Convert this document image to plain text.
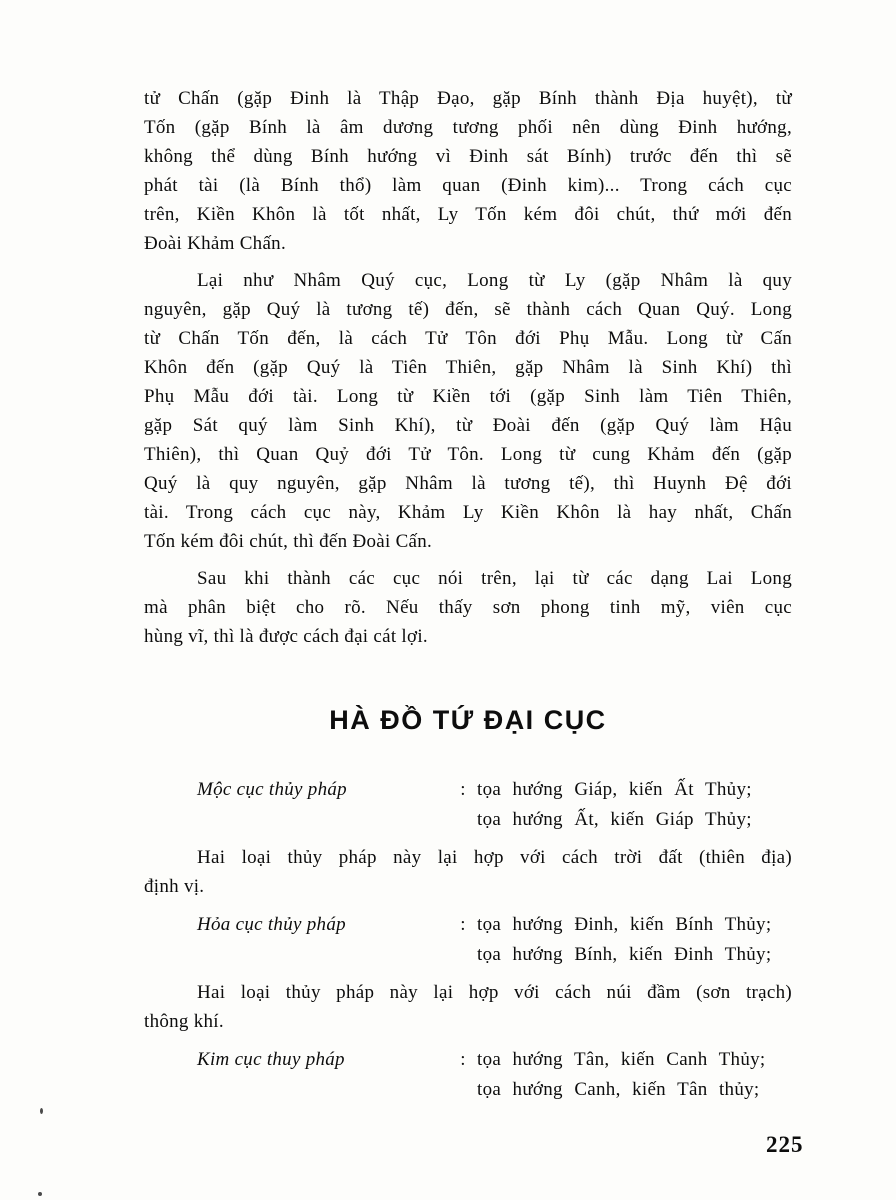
tử Chấn (gặp Đinh là Thập Đạo, gặp Bính thành Địa huyệt), từ
Tốn (gặp Bính là âm dương tương phối nên dùng Đinh hướng,
không thể dùng Bính hướng vì Đinh sát Bính) trước đến thì sẽ
phát tài (là Bính thổ) làm quan (Đinh kim)... Trong cách cục
trên, Kiền Khôn là tốt nhất, Ly Tốn kém đôi chút, thứ mới đến
Đoài Khảm Chấn.
Lại như Nhâm Quý cục, Long từ Ly (gặp Nhâm là quy
nguyên, gặp Quý là tương tế) đến, sẽ thành cách Quan Quý. Long
từ Chấn Tốn đến, là cách Tử Tôn đới Phụ Mẫu. Long từ Cấn
Khôn đến (gặp Quý là Tiên Thiên, gặp Nhâm là Sinh Khí) thì
Phụ Mẫu đới tài. Long từ Kiền tới (gặp Sinh làm Tiên Thiên,
gặp Sát quý làm Sinh Khí), từ Đoài đến (gặp Quý làm Hậu
Thiên), thì Quan Quỷ đới Tử Tôn. Long từ cung Khảm đến (gặp
Quý là quy nguyên, gặp Nhâm là tương tế), thì Huynh Đệ đới
tài. Trong cách cục này, Khảm Ly Kiền Khôn là hay nhất, Chấn
Tốn kém đôi chút, thì đến Đoài Cấn.
Sau khi thành các cục nói trên, lại từ các dạng Lai Long
mà phân biệt cho rõ. Nếu thấy sơn phong tinh mỹ, viên cục
hùng vĩ, thì là được cách đại cát lợi.
HÀ ĐỒ TỨ ĐẠI CỤC
Mộc cục thủy pháp	: tọa hướng Giáp, kiến Ất Thủy;
tọa hướng Ất, kiến Giáp Thủy;
Hai loại thủy pháp này lại hợp với cách trời đất (thiên địa)
định vị.
Hỏa cục thủy pháp	: tọa hướng Đinh, kiến Bính Thủy;
tọa hướng Bính, kiến Đinh Thủy;
Hai loại thủy pháp này lại hợp với cách núi đầm (sơn trạch)
thông khí.
Kim cục thuy pháp	: tọa hướng Tân, kiến Canh Thủy;
tọa hướng Canh, kiến Tân thủy;
225
